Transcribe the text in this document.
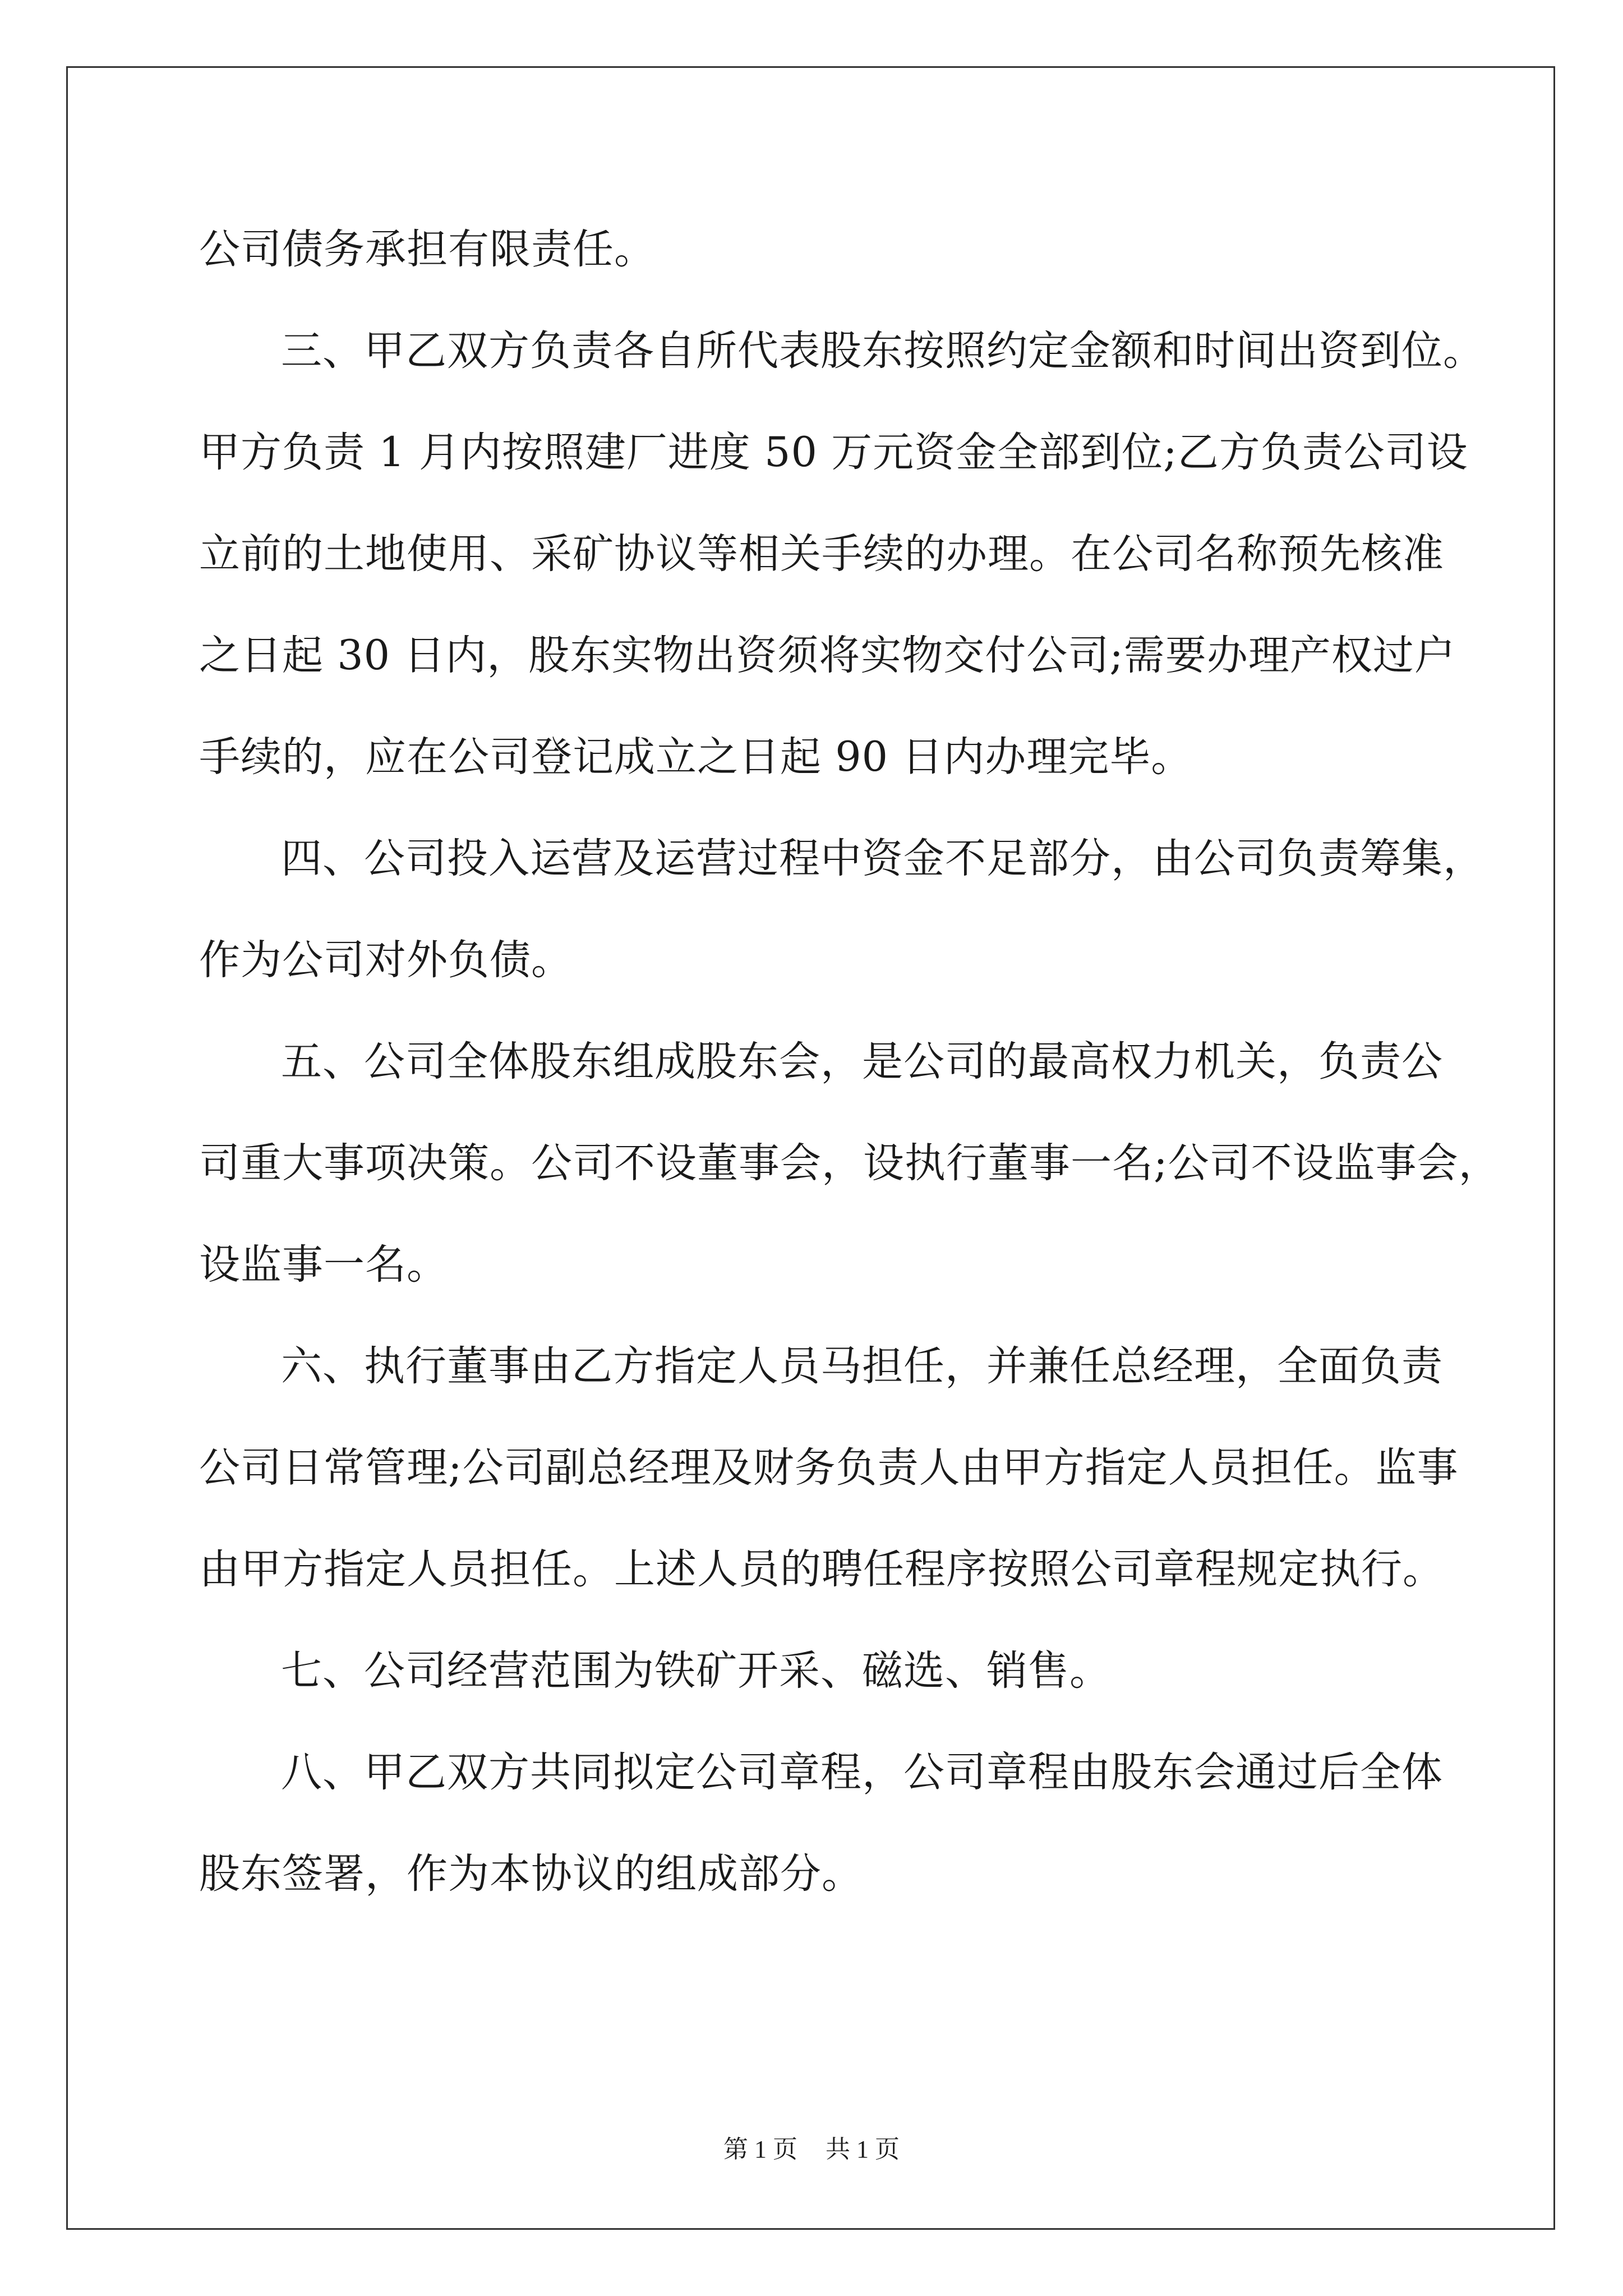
公司债务承担有限责任。
三、甲乙双方负责各自所代表股东按照约定金额和时间出资到位。
甲方负责 1 月内按照建厂进度 50 万元资金全部到位;乙方负责公司设
立前的土地使用、采矿协议等相关手续的办理。在公司名称预先核准
之日起 30 日内，股东实物出资须将实物交付公司;需要办理产权过户
手续的，应在公司登记成立之日起 90 日内办理完毕。
四、公司投入运营及运营过程中资金不足部分，由公司负责筹集，
作为公司对外负债。
五、公司全体股东组成股东会，是公司的最高权力机关，负责公
司重大事项决策。公司不设董事会，设执行董事一名;公司不设监事会，
设监事一名。
六、执行董事由乙方指定人员马担任，并兼任总经理，全面负责
公司日常管理;公司副总经理及财务负责人由甲方指定人员担任。监事
由甲方指定人员担任。上述人员的聘任程序按照公司章程规定执行。
七、公司经营范围为铁矿开采、磁选、销售。
八、甲乙双方共同拟定公司章程，公司章程由股东会通过后全体
股东签署，作为本协议的组成部分。
第 1 页 共 1 页
